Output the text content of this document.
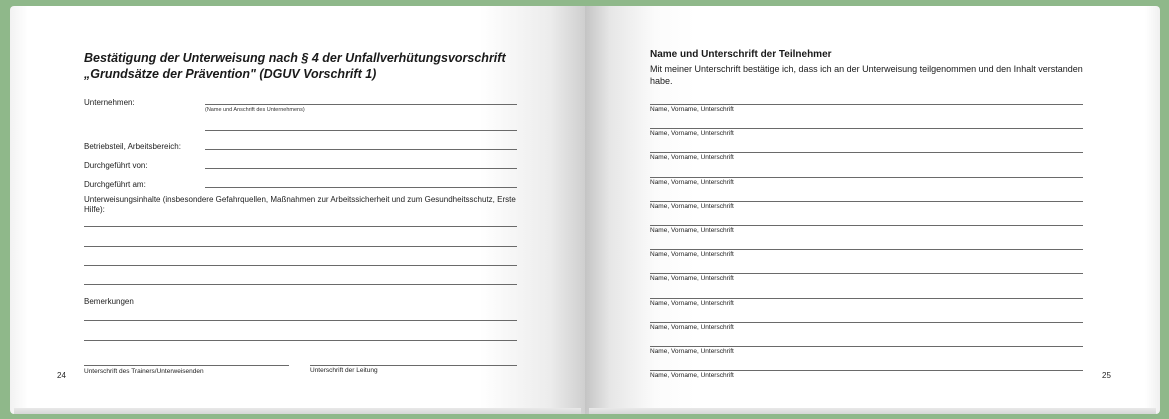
Bestätigung der Unterweisung nach § 4 der Unfallverhütungsvorschrift
„Grundsätze der Prävention" (DGUV Vorschrift 1)
Unternehmen:
(Name und Anschrift des Unternehmens)
Betriebsteil, Arbeitsbereich:
Durchgeführt von:
Durchgeführt am:
Unterweisungsinhalte (insbesondere Gefahrquellen, Maßnahmen zur Arbeitssicherheit und zum Gesundheitsschutz, Erste Hilfe):
Bemerkungen
Unterschrift des Trainers/Unterweisenden	Unterschrift der Leitung
24
Name und Unterschrift der Teilnehmer
Mit meiner Unterschrift bestätige ich, dass ich an der Unterweisung teilgenommen und den Inhalt verstanden habe.
Name, Vorname, Unterschrift
Name, Vorname, Unterschrift
Name, Vorname, Unterschrift
Name, Vorname, Unterschrift
Name, Vorname, Unterschrift
Name, Vorname, Unterschrift
Name, Vorname, Unterschrift
Name, Vorname, Unterschrift
Name, Vorname, Unterschrift
Name, Vorname, Unterschrift
Name, Vorname, Unterschrift
Name, Vorname, Unterschrift	25
